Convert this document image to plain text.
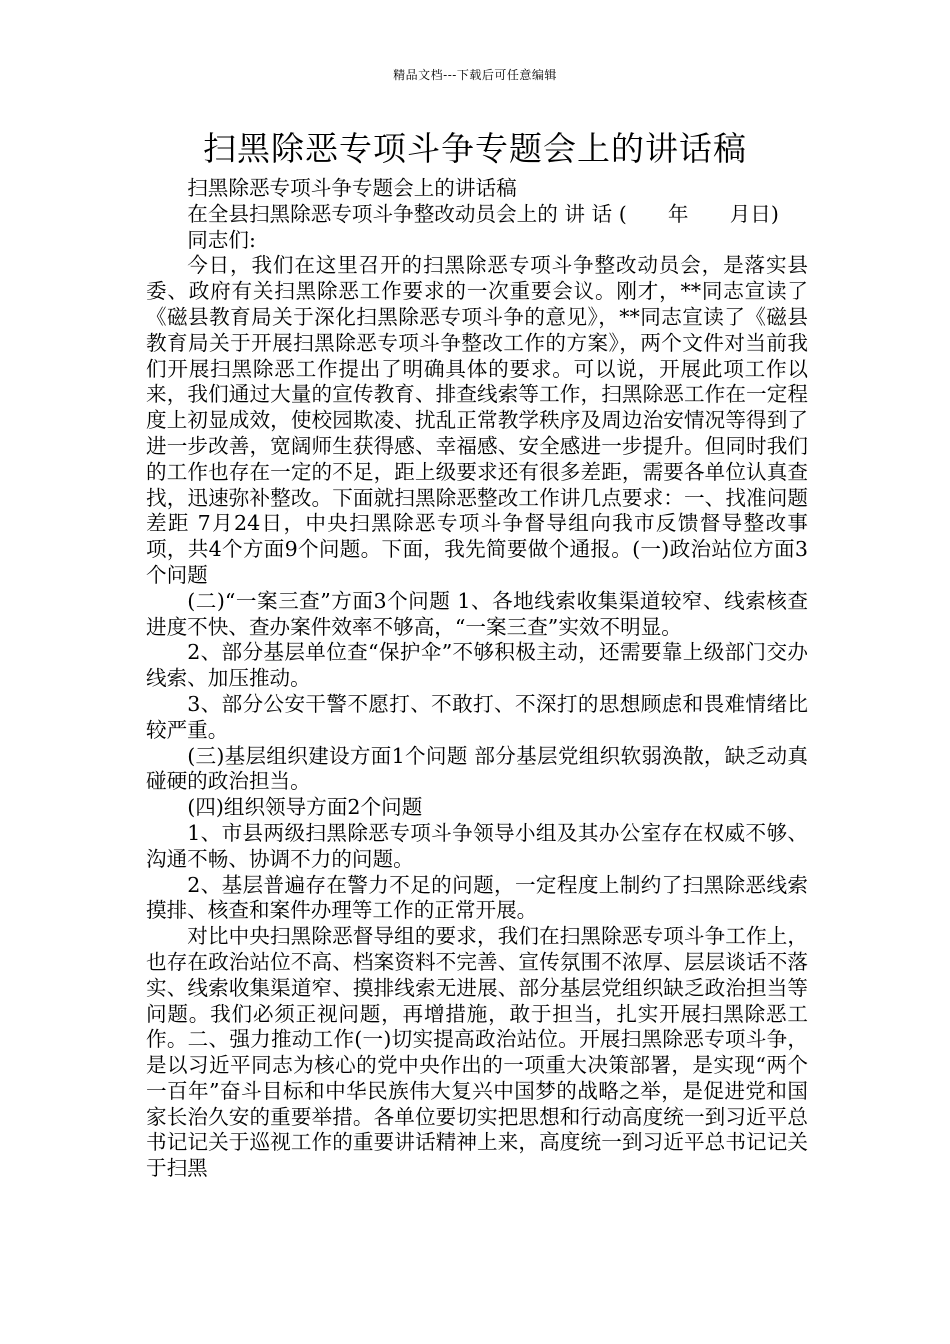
精品文档---下载后可任意编辑
扫黑除恶专项斗争专题会上的讲话稿

扫黑除恶专项斗争专题会上的讲话稿

在全县扫黑除恶专项斗争整改动员会上的 讲 话 (　　年　　月日)

同志们:

今日，我们在这里召开的扫黑除恶专项斗争整改动员会，是落实县委、政府有关扫黑除恶工作要求的一次重要会议。刚才，**同志宣读了《磁县教育局关于深化扫黑除恶专项斗争的意见》，**同志宣读了《磁县教育局关于开展扫黑除恶专项斗争整改工作的方案》，两个文件对当前我们开展扫黑除恶工作提出了明确具体的要求。可以说，开展此项工作以来，我们通过大量的宣传教育、排查线索等工作，扫黑除恶工作在一定程度上初显成效，使校园欺凌、扰乱正常教学秩序及周边治安情况等得到了进一步改善，宽阔师生获得感、幸福感、安全感进一步提升。但同时我们的工作也存在一定的不足，距上级要求还有很多差距，需要各单位认真查找，迅速弥补整改。下面就扫黑除恶整改工作讲几点要求：一、找准问题差距 7月24日，中央扫黑除恶专项斗争督导组向我市反馈督导整改事项，共4个方面9个问题。下面，我先简要做个通报。(一)政治站位方面3个问题

(二)“一案三查”方面3个问题 1、各地线索收集渠道较窄、线索核查进度不快、查办案件效率不够高，“一案三查”实效不明显。

2、部分基层单位查“保护伞”不够积极主动，还需要靠上级部门交办线索、加压推动。

3、部分公安干警不愿打、不敢打、不深打的思想顾虑和畏难情绪比较严重。

(三)基层组织建设方面1个问题 部分基层党组织软弱涣散，缺乏动真碰硬的政治担当。

(四)组织领导方面2个问题

1、市县两级扫黑除恶专项斗争领导小组及其办公室存在权威不够、沟通不畅、协调不力的问题。

2、基层普遍存在警力不足的问题，一定程度上制约了扫黑除恶线索摸排、核查和案件办理等工作的正常开展。

对比中央扫黑除恶督导组的要求，我们在扫黑除恶专项斗争工作上，也存在政治站位不高、档案资料不完善、宣传氛围不浓厚、层层谈话不落实、线索收集渠道窄、摸排线索无进展、部分基层党组织缺乏政治担当等问题。我们必须正视问题，再增措施，敢于担当，扎实开展扫黑除恶工作。二、强力推动工作(一)切实提高政治站位。开展扫黑除恶专项斗争，是以习近平同志为核心的党中央作出的一项重大决策部署，是实现“两个一百年”奋斗目标和中华民族伟大复兴中国梦的战略之举，是促进党和国家长治久安的重要举措。各单位要切实把思想和行动高度统一到习近平总书记记关于巡视工作的重要讲话精神上来，高度统一到习近平总书记记关于扫黑
